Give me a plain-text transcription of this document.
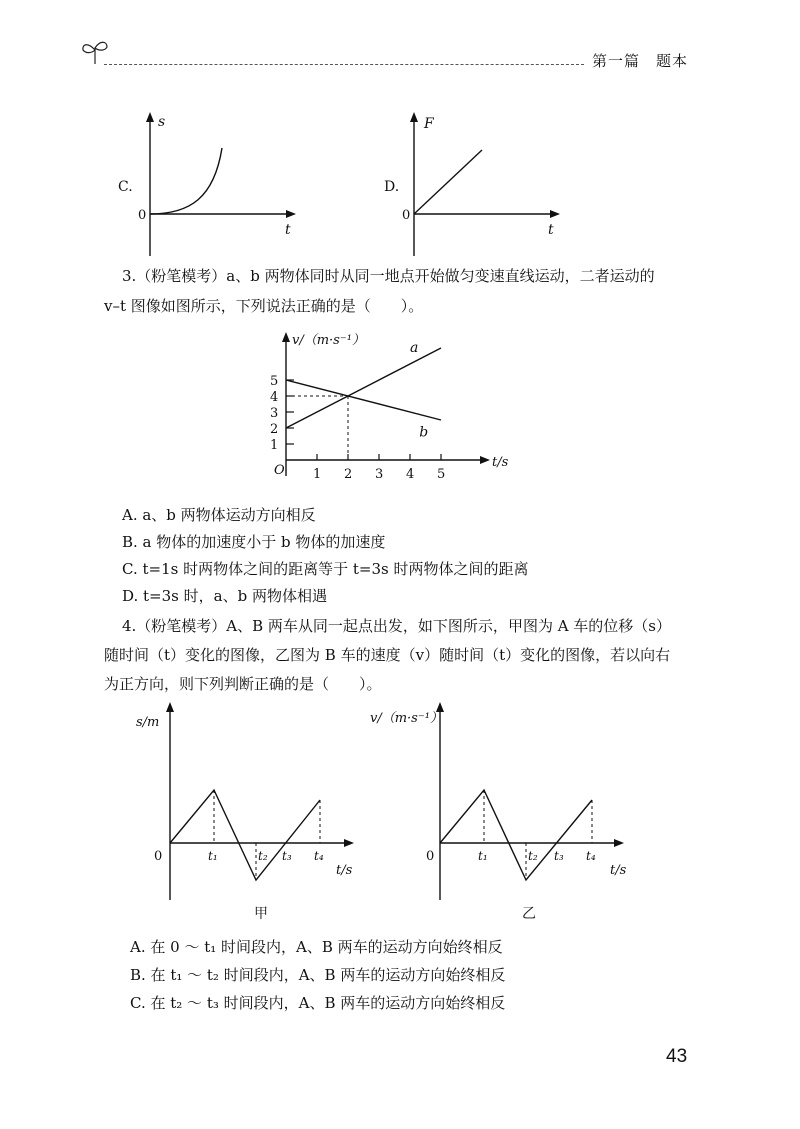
第一篇　题本
C.
s
t
0
D.
F
t
0
3.（粉笔模考）a、b 两物体同时从同一地点开始做匀变速直线运动，二者运动的
v–t 图像如图所示，下列说法正确的是（　　）。
v/（m·s⁻¹）
t/s
O 1 2 3 4 5
1
2
3
4
5
a
b
A. a、b 两物体运动方向相反
B. a 物体的加速度小于 b 物体的加速度
C. t=1s 时两物体之间的距离等于 t=3s 时两物体之间的距离
D. t=3s 时，a、b 两物体相遇
4.（粉笔模考）A、B 两车从同一起点出发，如下图所示，甲图为 A 车的位移（s）
随时间（t）变化的图像，乙图为 B 车的速度（v）随时间（t）变化的图像，若以向右
为正方向，则下列判断正确的是（　　）。
s/m
0	t₁	t₂ t₃ t₄
t/s
甲
v/（m·s⁻¹）
0	t₁	t₂ t₃ t₄
t/s
乙
A. 在 0 ～ t₁ 时间段内，A、B 两车的运动方向始终相反
B. 在 t₁ ～ t₂ 时间段内，A、B 两车的运动方向始终相反
C. 在 t₂ ～ t₃ 时间段内，A、B 两车的运动方向始终相反
43
